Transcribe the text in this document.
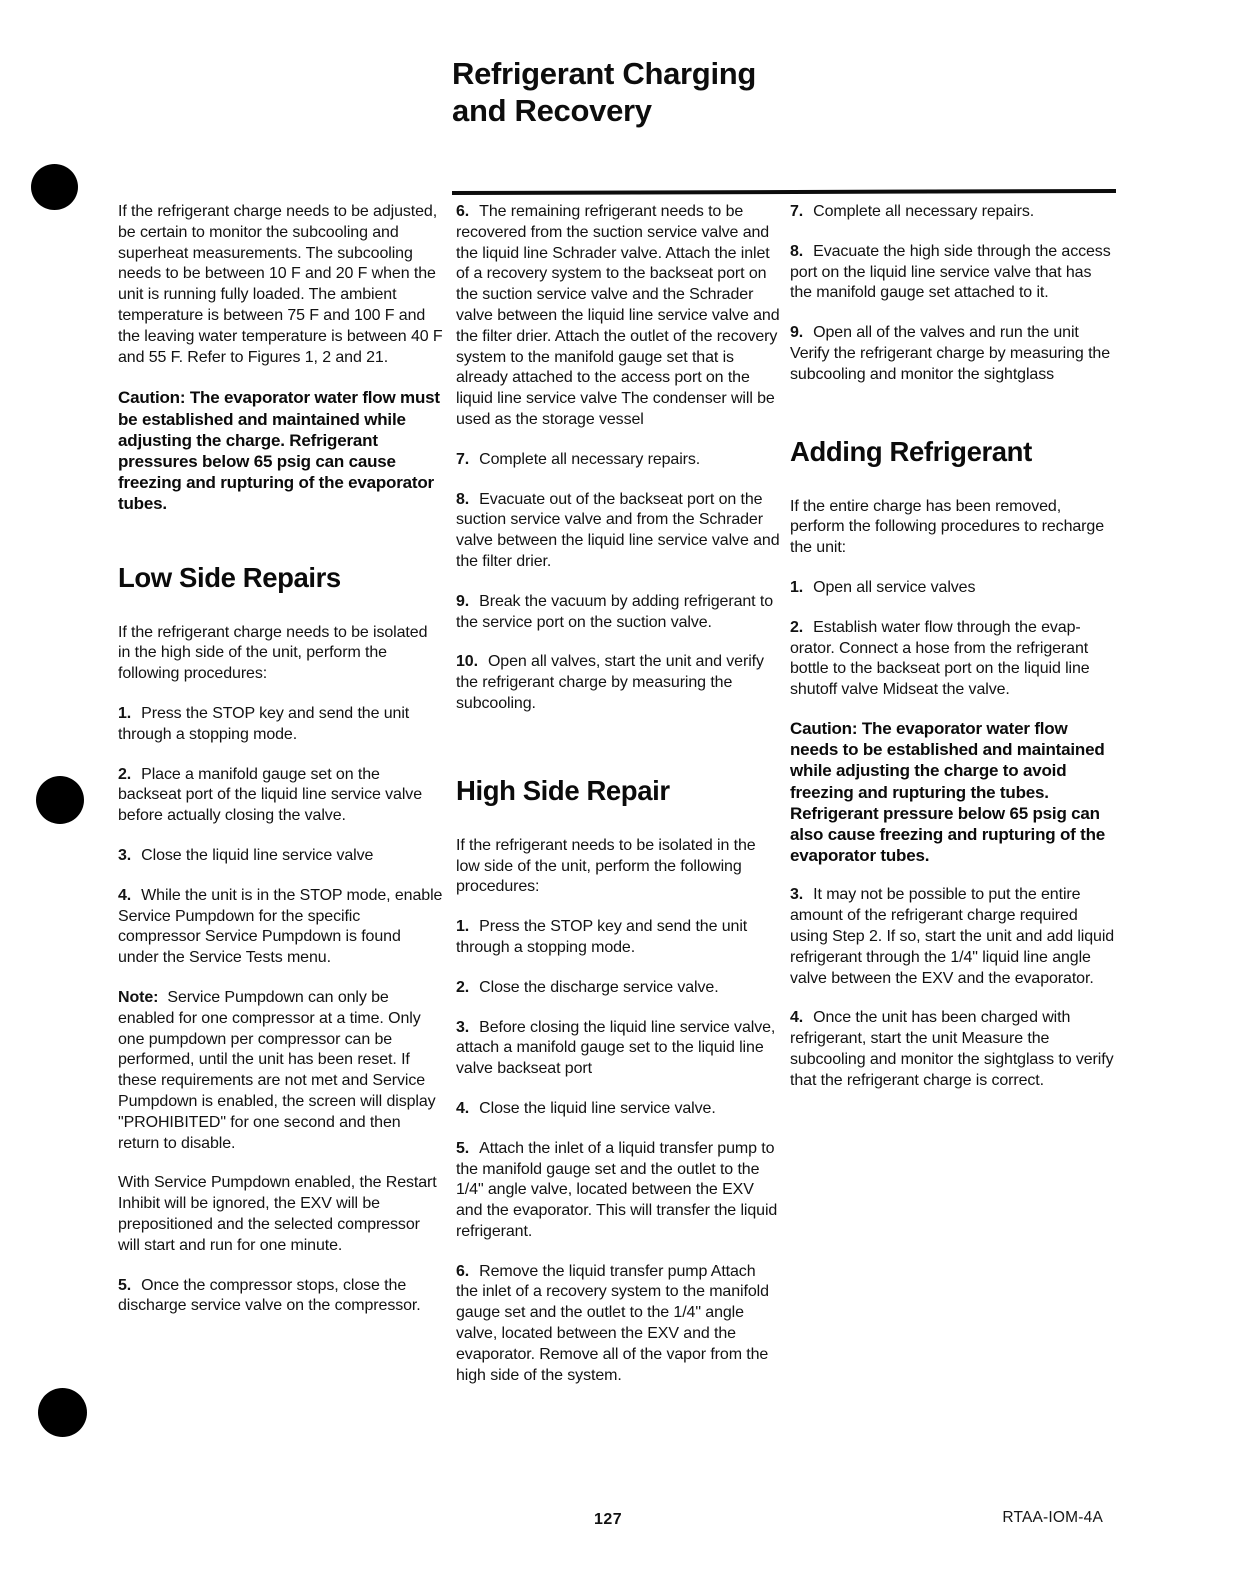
Refrigerant Charging
and Recovery

If the refrigerant charge needs to be adjusted, be certain to monitor the subcooling and superheat measurements. The subcooling needs to be between 10 F and 20 F when the unit is running fully loaded. The ambient temperature is between 75 F and 100 F and the leaving water temperature is between 40 F and 55 F. Refer to Figures 1, 2 and 21.

Caution: The evaporator water flow must be established and maintained while adjusting the charge. Refrigerant pressures below 65 psig can cause freezing and rupturing of the evaporator tubes.

Low Side Repairs

If the refrigerant charge needs to be isolated in the high side of the unit, perform the following procedures:

1. Press the STOP key and send the unit through a stopping mode.

2. Place a manifold gauge set on the backseat port of the liquid line service valve before actually closing the valve.

3. Close the liquid line service valve

4. While the unit is in the STOP mode, enable Service Pumpdown for the specific compressor Service Pumpdown is found under the Service Tests menu.

Note: Service Pumpdown can only be enabled for one compressor at a time. Only one pumpdown per compressor can be performed, until the unit has been reset. If these requirements are not met and Service Pumpdown is enabled, the screen will display "PROHIBITED" for one second and then return to disable.

With Service Pumpdown enabled, the Restart Inhibit will be ignored, the EXV will be prepositioned and the selected compressor will start and run for one minute.

5. Once the compressor stops, close the discharge service valve on the compressor.

6. The remaining refrigerant needs to be recovered from the suction service valve and the liquid line Schrader valve. Attach the inlet of a recovery system to the backseat port on the suction service valve and the Schrader valve between the liquid line service valve and the filter drier. Attach the outlet of the recovery system to the manifold gauge set that is already attached to the access port on the liquid line service valve The condenser will be used as the storage vessel

7. Complete all necessary repairs.

8. Evacuate out of the backseat port on the suction service valve and from the Schrader valve between the liquid line service valve and the filter drier.

9. Break the vacuum by adding refrigerant to the service port on the suction valve.

10. Open all valves, start the unit and verify the refrigerant charge by measuring the subcooling.

High Side Repair

If the refrigerant needs to be isolated in the low side of the unit, perform the following procedures:

1. Press the STOP key and send the unit through a stopping mode.

2. Close the discharge service valve.

3. Before closing the liquid line service valve, attach a manifold gauge set to the liquid line valve backseat port

4. Close the liquid line service valve.

5. Attach the inlet of a liquid transfer pump to the manifold gauge set and the outlet to the 1/4" angle valve, located between the EXV and the evaporator. This will transfer the liquid refrigerant.

6. Remove the liquid transfer pump Attach the inlet of a recovery system to the manifold gauge set and the outlet to the 1/4" angle valve, located between the EXV and the evaporator. Remove all of the vapor from the high side of the system.

7. Complete all necessary repairs.

8. Evacuate the high side through the access port on the liquid line service valve that has the manifold gauge set attached to it.

9. Open all of the valves and run the unit Verify the refrigerant charge by measuring the subcooling and monitor the sightglass

Adding Refrigerant

If the entire charge has been removed, perform the following procedures to recharge the unit:

1. Open all service valves

2. Establish water flow through the evap-orator. Connect a hose from the refrigerant bottle to the backseat port on the liquid line shutoff valve Midseat the valve.

Caution: The evaporator water flow needs to be established and maintained while adjusting the charge to avoid freezing and rupturing the tubes. Refrigerant pressure below 65 psig can also cause freezing and rupturing of the evaporator tubes.

3. It may not be possible to put the entire amount of the refrigerant charge required using Step 2. If so, start the unit and add liquid refrigerant through the 1/4" liquid line angle valve between the EXV and the evaporator.

4. Once the unit has been charged with refrigerant, start the unit Measure the subcooling and monitor the sightglass to verify that the refrigerant charge is correct.

127	RTAA-IOM-4A
